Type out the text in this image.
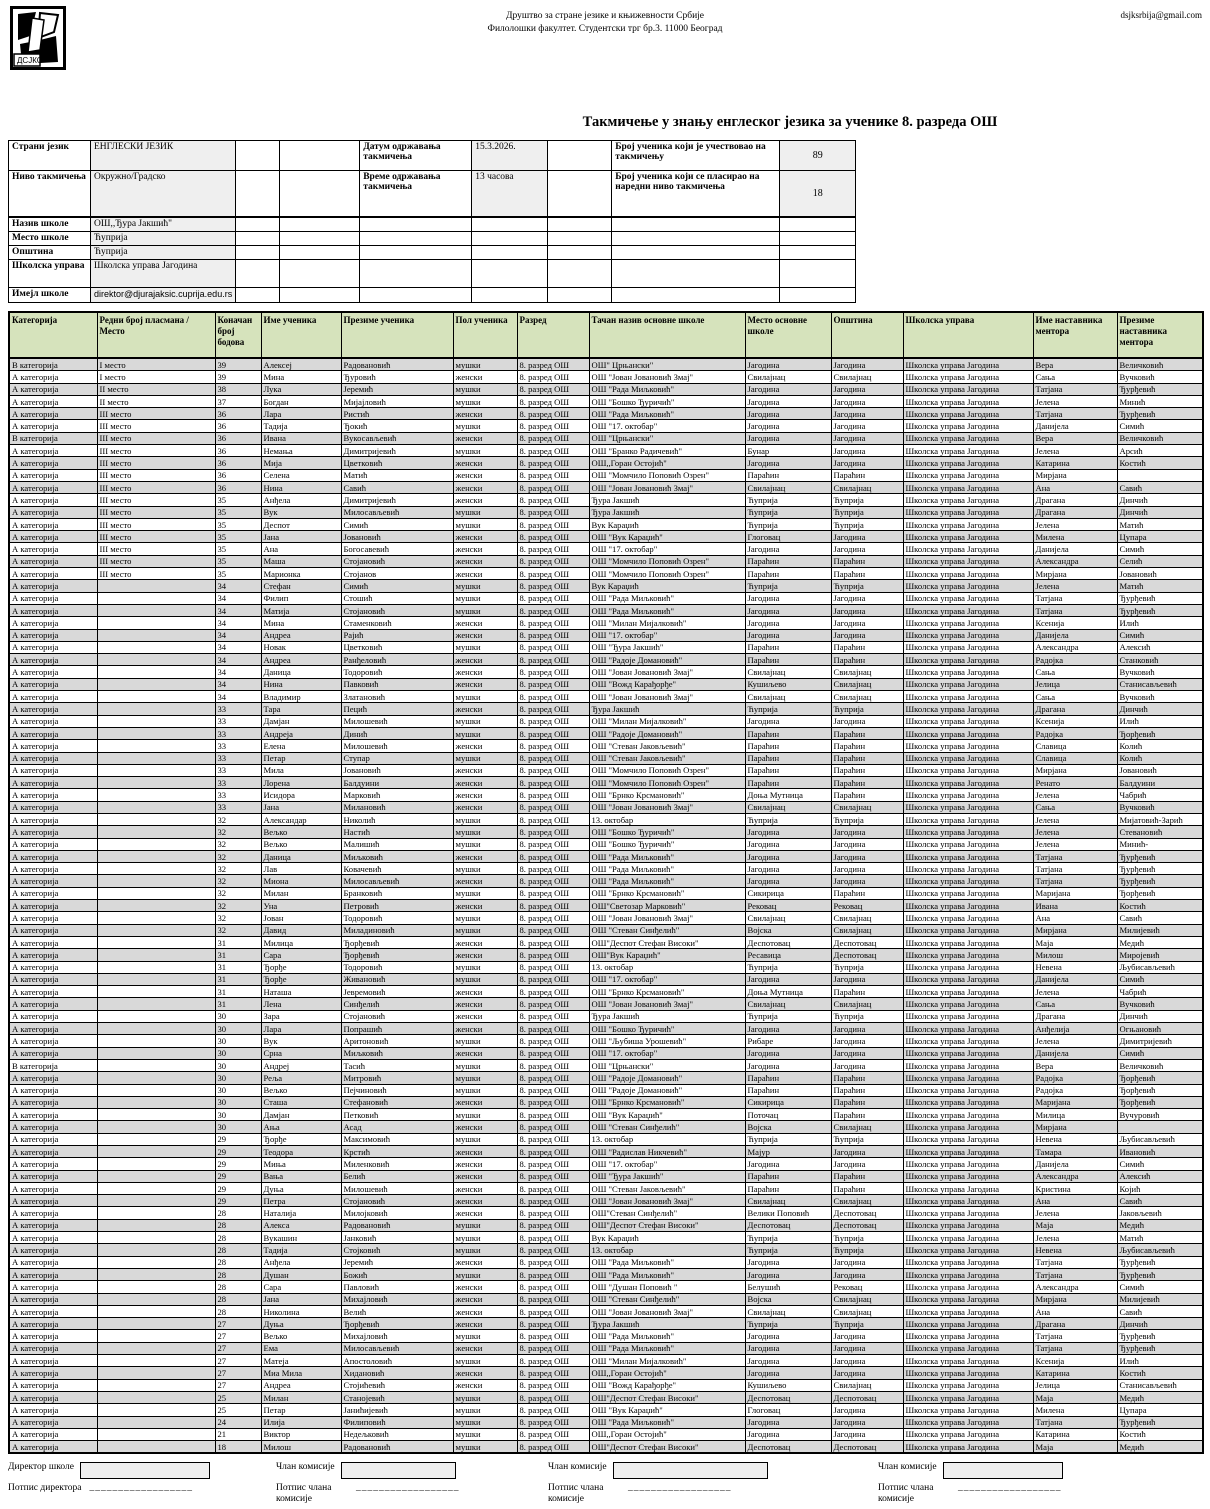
ДСЈКС
Друштво за стране језике и књижевности Србије
Филолошки факултет. Студентски трг бр.3. 11000 Београд
dsjksrbija@gmail.com
Такмичење у знању енглеског језика за ученике 8. разреда ОШ
Страни језик	ЕНГЛЕСКИ ЈЕЗИК			Датум одржавања такмичења	15.3.2026.		Број ученика који је учествовао на такмичењу	89
Ниво такмичења	Окружно/Градско			Време одржавања такмичења	13 часова		Број ученика који се пласирао на наредни ниво такмичења	18
Назив школе	ОШ,,Ђура Јакшић"							
Место школе	Ћуприја							
Општина	Ћуприја							
Школска управа	Школска управа Јагодина							
Имејл школе	direktor@djurajaksic.cuprija.edu.rs							
Категорија	Редни број пласмана / Место	Коначан број бодова	Име ученика	Презиме ученика	Пол ученика	Разред	Тачан назив основне школе	Место основне школе	Општина	Школска управа	Име наставника ментора	Презиме наставника ментора
В категорија	I место	39	Алексеј	Радовановић	мушки	8. разред ОШ	ОШ" Црњански"	Јагодина	Јагодина	Школска управа Јагодина	Вера	Величковић
А категорија	I место	39	Мина	Ђуровић	женски	8. разред ОШ	ОШ "Јован Јовановић Змај"	Свилајнац	Свилајнац	Школска управа Јагодина	Сања	Вучковић
А категорија	II место	38	Лука	Јеремић	мушки	8. разред ОШ	ОШ "Рада Миљковић"	Јагодина	Јагодина	Школска управа Јагодина	Татјана	Ђурђевић
А категорија	II место	37	Богдан	Мијајловић	мушки	8. разред ОШ	ОШ "Бошко Ђуричић"	Јагодина	Јагодина	Школска управа Јагодина	Јелена	Минић
А категорија	III место	36	Лара	Ристић	женски	8. разред ОШ	ОШ "Рада Миљковић"	Јагодина	Јагодина	Школска управа Јагодина	Татјана	Ђурђевић
А категорија	III место	36	Тадија	Ђокић	мушки	8. разред ОШ	ОШ "17. октобар"	Јагодина	Јагодина	Школска управа Јагодина	Данијела	Симић
В категорија	III место	36	Ивана	Вукосављевић	женски	8. разред ОШ	ОШ "Црњански"	Јагодина	Јагодина	Школска управа Јагодина	Вера	Величковић
А категорија	III место	36	Немања	Димитријевић	мушки	8. разред ОШ	ОШ "Бранко Радичевић"	Бунар	Јагодина	Школска управа Јагодина	Јелена	Арсић
А категорија	III место	36	Мија	Цветковић	женски	8. разред ОШ	ОШ,,Горан Остојић"	Јагодина	Јагодина	Школска управа Јагодина	Катарина	Костић
А категорија	III место	36	Селена	Матић	женски	8. разред ОШ	ОШ "Момчило Поповић Озрен"	Параћин	Параћин	Школска управа Јагодина	Мирјана	
А категорија	III место	36	Нина	Савић	женски	8. разред ОШ	ОШ "Јован Јовановић Змај"	Свилајнац	Свилајнац	Школска управа Јагодина	Ана	Савић
А категорија	III место	35	Анђела	Димитријевић	женски	8. разред ОШ	Ђура Јакшић	Ћуприја	Ћуприја	Школска управа Јагодина	Драгана	Динчић
А категорија	III место	35	Вук	Милосављевић	мушки	8. разред ОШ	Ђура Јакшић	Ћуприја	Ћуприја	Школска управа Јагодина	Драгана	Динчић
А категорија	III место	35	Деспот	Симић	мушки	8. разред ОШ	Вук Караџић	Ћуприја	Ћуприја	Школска управа Јагодина	Јелена	Матић
А категорија	III место	35	Јана	Јовановић	женски	8. разред ОШ	ОШ "Вук Караџић"	Глоговац	Јагодина	Школска управа Јагодина	Милена	Цупара
А категорија	III место	35	Ана	Богосавевић	женски	8. разред ОШ	ОШ "17. октобар"	Јагодина	Јагодина	Школска управа Јагодина	Данијела	Симић
А категорија	III место	35	Маша	Стојановић	женски	8. разред ОШ	ОШ "Момчило Поповић Озрен"	Параћин	Параћин	Школска управа Јагодина	Александра	Селић
А категорија	III место	35	Марионка	Стојанов	женски	8. разред ОШ	ОШ "Момчило Поповић Озрен"	Параћин	Параћин	Школска управа Јагодина	Мирјана	Јовановић
А категорија		34	Стефан	Симић	мушки	8. разред ОШ	Вук Караџић	Ћуприја	Ћуприја	Школска управа Јагодина	Јелена	Матић
А категорија		34	Филип	Стошић	мушки	8. разред ОШ	ОШ "Рада Миљковић"	Јагодина	Јагодина	Школска управа Јагодина	Татјана	Ђурђевић
А категорија		34	Матија	Стојановић	мушки	8. разред ОШ	ОШ "Рада Миљковић"	Јагодина	Јагодина	Школска управа Јагодина	Татјана	Ђурђевић
А категорија		34	Мина	Стаменковић	женски	8. разред ОШ	ОШ "Милан Мијалковић"	Јагодина	Јагодина	Школска управа Јагодина	Ксенија	Илић
А категорија		34	Андреа	Рајић	женски	8. разред ОШ	ОШ "17. октобар"	Јагодина	Јагодина	Школска управа Јагодина	Данијела	Симић
А категорија		34	Новак	Цветковић	мушки	8. разред ОШ	ОШ "Ђура Јакшић"	Параћин	Параћин	Школска управа Јагодина	Александра	Алексић
А категорија		34	Андреа	Ранђеловић	женски	8. разред ОШ	ОШ "Радоје Домановић"	Параћин	Параћин	Школска управа Јагодина	Радојка	Станковић
А категорија		34	Даница	Тодоровић	женски	8. разред ОШ	ОШ "Јован Јовановић Змај"	Свилајнац	Свилајнац	Школска управа Јагодина	Сања	Вучковић
А категорија		34	Нина	Павковић	женски	8. разред ОШ	ОШ "Вожд Карађорђе"	Кушиљево	Свилајнац	Школска управа Јагодина	Јелица	Станисављевић
А категорија		34	Владимир	Златановић	мушки	8. разред ОШ	ОШ "Јован Јовановић Змај"	Свилајнац	Свилајнац	Школска управа Јагодина	Сања	Вучковић
А категорија		33	Тара	Пецић	женски	8. разред ОШ	Ђура Јакшић	Ћуприја	Ћуприја	Школска управа Јагодина	Драгана	Динчић
А категорија		33	Дамјан	Милошевић	мушки	8. разред ОШ	ОШ "Милан Мијалковић"	Јагодина	Јагодина	Школска управа Јагодина	Ксенија	Илић
А категорија		33	Андреја	Динић	мушки	8. разред ОШ	ОШ "Радоје Домановић"	Параћин	Параћин	Школска управа Јагодина	Радојка	Ђорђевић
А категорија		33	Елена	Милошевић	женски	8. разред ОШ	ОШ "Стеван Јаковљевић"	Параћин	Параћин	Школска управа Јагодина	Славица	Колић
А категорија		33	Петар	Ступар	мушки	8. разред ОШ	ОШ "Стеван Јаковљевић"	Параћин	Параћин	Школска управа Јагодина	Славица	Колић
А категорија		33	Мила	Јовановић	женски	8. разред ОШ	ОШ "Момчило Поповић Озрен"	Параћин	Параћин	Школска управа Јагодина	Мирјана	Јовановић
А категорија		33	Лорена	Балдуини	женски	8. разред ОШ	ОШ "Момчило Поповић Озрен"	Параћин	Параћин	Школска управа Јагодина	Ренато	Балдуини
А категорија		33	Исидора	Марковић	женски	8. разред ОШ	ОШ "Брнко Крсмановић"	Доња Мутница	Параћин	Школска управа Јагодина	Јелена	Чабрић
А категорија		33	Јана	Милановић	женски	8. разред ОШ	ОШ "Јован Јовановић Змај"	Свилајнац	Свилајнац	Школска управа Јагодина	Сања	Вучковић
А категорија		32	Александар	Николић	мушки	8. разред ОШ	13. октобар	Ћуприја	Ћуприја	Школска управа Јагодина	Јелена	Мијатовић-Зарић
А категорија		32	Вељко	Настић	мушки	8. разред ОШ	ОШ "Бошко Ђуричић"	Јагодина	Јагодина	Школска управа Јагодина	Јелена	Стевановић
А категорија		32	Вељко	Малишић	мушки	8. разред ОШ	ОШ "Бошко Ђуричић"	Јагодина	Јагодина	Школска управа Јагодина	Јелена	Минић-
А категорија		32	Даница	Миљковић	женски	8. разред ОШ	ОШ "Рада Миљковић"	Јагодина	Јагодина	Школска управа Јагодина	Татјана	Ђурђевић
А категорија		32	Лав	Ковачевић	мушки	8. разред ОШ	ОШ "Рада Миљковић"	Јагодина	Јагодина	Школска управа Јагодина	Татјана	Ђурђевић
А категорија		32	Миона	Милосављевић	женски	8. разред ОШ	ОШ "Рада Миљковић"	Јагодина	Јагодина	Школска управа Јагодина	Татјана	Ђурђевић
А категорија		32	Милан	Бранковић	мушки	8. разред ОШ	ОШ "Брнко Крсмановић"	Сикирица	Параћин	Школска управа Јагодина	Маријана	Ђорђевић
А категорија		32	Уна	Петровић	женски	8. разред ОШ	ОШ"Светозар Марковић"	Рековац	Рековац	Школска управа Јагодина	Ивана	Костић
А категорија		32	Јован	Тодоровић	мушки	8. разред ОШ	ОШ "Јован Јовановић Змај"	Свилајнац	Свилајнац	Школска управа Јагодина	Ана	Савић
А категорија		32	Давид	Миладиновић	мушки	8. разред ОШ	ОШ "Стеван Синђелић"	Војска	Свилајнац	Школска управа Јагодина	Мирјана	Милијевић
А категорија		31	Милица	Ђорђевић	женски	8. разред ОШ	ОШ"Деспот Стефан Високи"	Деспотовац	Деспотовац	Школска управа Јагодина	Маја	Медић
А категорија		31	Сара	Ђорђевић	женски	8. разред ОШ	ОШ"Вук Караџић"	Ресавица	Деспотовац	Школска управа Јагодина	Милош	Миројевић
А категорија		31	Ђорђе	Тодоровић	мушки	8. разред ОШ	13. октобар	Ћуприја	Ћуприја	Школска управа Јагодина	Невена	Љубисављевић
А категорија		31	Ђорђе	Живановић	мушки	8. разред ОШ	ОШ "17. октобар"	Јагодина	Јагодина	Школска управа Јагодина	Данијела	Симић
А категорија		31	Наташа	Јевремовић	женски	8. разред ОШ	ОШ "Брнко Крсмановић"	Доња Мутница	Параћин	Школска управа Јагодина	Јелена	Чабрић
А категорија		31	Лена	Синђелић	женски	8. разред ОШ	ОШ "Јован Јовановић Змај"	Свилајнац	Свилајнац	Школска управа Јагодина	Сања	Вучковић
А категорија		30	Зара	Стојановић	женски	8. разред ОШ	Ђура Јакшић	Ћуприја	Ћуприја	Школска управа Јагодина	Драгана	Динчић
А категорија		30	Лара	Попрашић	женски	8. разред ОШ	ОШ "Бошко Ђуричић"	Јагодина	Јагодина	Школска управа Јагодина	Анђелија	Огњановић
А категорија		30	Вук	Аритоновић	мушки	8. разред ОШ	ОШ "Љубиша Урошевић"	Рибаре	Јагодина	Школска управа Јагодина	Јелена	Димитријевић
А категорија		30	Срна	Миљковић	женски	8. разред ОШ	ОШ "17. октобар"	Јагодина	Јагодина	Школска управа Јагодина	Данијела	Симић
В категорија		30	Андреј	Тасић	мушки	8. разред ОШ	ОШ "Црњански"	Јагодина	Јагодина	Школска управа Јагодина	Вера	Величковић
А категорија		30	Реља	Митровић	мушки	8. разред ОШ	ОШ "Радоје Домановић"	Параћин	Параћин	Школска управа Јагодина	Радојка	Ђорђевић
А категорија		30	Вељко	Пејчиновић	мушки	8. разред ОШ	ОШ "Радоје Домановић"	Параћин	Параћин	Школска управа Јагодина	Радојка	Ђорђевић
А категорија		30	Сташа	Стефановић	женски	8. разред ОШ	ОШ "Брнко Крсмановић"	Сикирица	Параћин	Школска управа Јагодина	Маријана	Ђорђевић
А категорија		30	Дамјан	Петковић	мушки	8. разред ОШ	ОШ "Вук Караџић"	Поточац	Параћин	Школска управа Јагодина	Милица	Вучуровић
А категорија		30	Ања	Асад	женски	8. разред ОШ	ОШ "Стеван Синђелић"	Војска	Свилајнац	Школска управа Јагодина	Мирјана	
А категорија		29	Ђорђе	Максимовић	мушки	8. разред ОШ	13. октобар	Ћуприја	Ћуприја	Школска управа Јагодина	Невена	Љубисављевић
А категорија		29	Теодора	Крстић	женски	8. разред ОШ	ОШ "Радислав Никчевић"	Мајур	Јагодина	Школска управа Јагодина	Тамара	Ивановић
А категорија		29	Миња	Миленковић	женски	8. разред ОШ	ОШ "17. октобар"	Јагодина	Јагодина	Школска управа Јагодина	Данијела	Симић
А категорија		29	Вања	Белић	женски	8. разред ОШ	ОШ "Ђура Јакшић"	Параћин	Параћин	Школска управа Јагодина	Александра	Алексић
А категорија		29	Дуња	Милошевић	женски	8. разред ОШ	ОШ "Стеван Јаковљевић"	Параћин	Параћин	Школска управа Јагодина	Кристина	Којић
А категорија		29	Петра	Стојановић	женски	8. разред ОШ	ОШ "Јован Јовановић Змај"	Свилајнац	Свилајнац	Школска управа Јагодина	Ана	Савић
А категорија		28	Наталија	Милојковић	женски	8. разред ОШ	ОШ"Стеван Синђелић"	Велики Поповић	Деспотовац	Школска управа Јагодина	Јелена	Јаковљевић
А категорија		28	Алекса	Радовановић	мушки	8. разред ОШ	ОШ"Деспот Стефан Високи"	Деспотовац	Деспотовац	Школска управа Јагодина	Маја	Медић
А категорија		28	Вукашин	Јанковић	мушки	8. разред ОШ	Вук Караџић	Ћуприја	Ћуприја	Школска управа Јагодина	Јелена	Матић
А категорија		28	Тадија	Стојковић	мушки	8. разред ОШ	13. октобар	Ћуприја	Ћуприја	Школска управа Јагодина	Невена	Љубисављевић
А категорија		28	Анђела	Јеремић	женски	8. разред ОШ	ОШ "Рада Миљковић"	Јагодина	Јагодина	Школска управа Јагодина	Татјана	Ђурђевић
А категорија		28	Душан	Божић	мушки	8. разред ОШ	ОШ "Рада Миљковић"	Јагодина	Јагодина	Школска управа Јагодина	Татјана	Ђурђевић
А категорија		28	Сара	Павловић	женски	8. разред ОШ	ОШ "Душан Поповић "	Белушић	Рековац	Школска управа Јагодина	Александра	Симић
А категорија		28	Јана	Михајловић	женски	8. разред ОШ	ОШ "Стеван Синђелић"	Војска	Свилајнац	Школска управа Јагодина	Мирјана	Милијевић
А категорија		28	Николина	Велић	женски	8. разред ОШ	ОШ "Јован Јовановић Змај"	Свилајнац	Свилајнац	Школска управа Јагодина	Ана	Савић
А категорија		27	Дуња	Ђорђевић	женски	8. разред ОШ	Ђура Јакшић	Ћуприја	Ћуприја	Школска управа Јагодина	Драгана	Динчић
А категорија		27	Вељко	Михајловић	мушки	8. разред ОШ	ОШ "Рада Миљковић"	Јагодина	Јагодина	Школска управа Јагодина	Татјана	Ђурђевић
А категорија		27	Ема	Милосављевић	женски	8. разред ОШ	ОШ "Рада Миљковић"	Јагодина	Јагодина	Школска управа Јагодина	Татјана	Ђурђевић
А категорија		27	Матеја	Апостоловић	мушки	8. разред ОШ	ОШ "Милан Мијалковић"	Јагодина	Јагодина	Школска управа Јагодина	Ксенија	Илић
А категорија		27	Миа Мила	Хидановић	женски	8. разред ОШ	ОШ,,Горан Остојић"	Јагодина	Јагодина	Школска управа Јагодина	Катарина	Костић
А категорија		27	Андреа	Стојићевић	женски	8. разред ОШ	ОШ "Вожд Карађорђе"	Кушиљево	Свилајнац	Школска управа Јагодина	Јелица	Станисављевић
А категорија		25	Милан	Станојевић	мушки	8. разред ОШ	ОШ"Деспот Стефан Високи"	Деспотовац	Деспотовац	Школска управа Јагодина	Маја	Медић
А категорија		25	Петар	Јанићијевић	мушки	8. разред ОШ	ОШ "Вук Караџић"	Глоговац	Јагодина	Школска управа Јагодина	Милена	Цупара
А категорија		24	Илија	Филиповић	мушки	8. разред ОШ	ОШ "Рада Миљковић"	Јагодина	Јагодина	Школска управа Јагодина	Татјана	Ђурђевић
А категорија		21	Виктор	Недељковић	мушки	8. разред ОШ	ОШ,,Горан Остојић"	Јагодина	Јагодина	Школска управа Јагодина	Катарина	Костић
А категорија		18	Милош	Радовановић	мушки	8. разред ОШ	ОШ"Деспот Стефан Високи"	Деспотовац	Деспотовац	Школска управа Јагодина	Маја	Медић
Директор школе
Потпис директора __________________
Члан комисије
Потпис члана комисије
__________________
Члан комисије
Потпис члана комисије
__________________
Члан комисије
Потпис члана комисије
__________________
